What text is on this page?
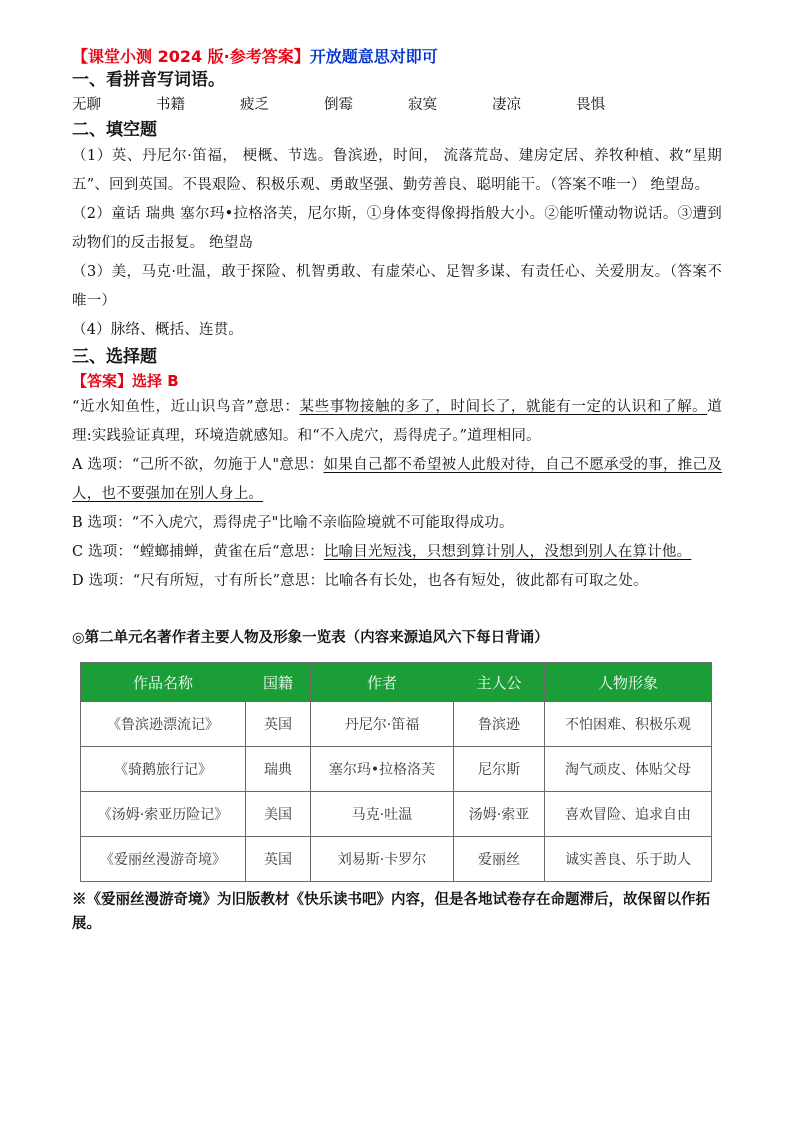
【课堂小测 2024 版·参考答案】开放题意思对即可

一、看拼音写词语。

无聊	书籍	疲乏	倒霉	寂寞	凄凉	畏惧

二、填空题

（1）英、丹尼尔·笛福， 梗概、节选。鲁滨逊，时间， 流落荒岛、建房定居、养牧种植、救“星期五”、回到英国。不畏艰险、积极乐观、勇敢坚强、勤劳善良、聪明能干。（答案不唯一） 绝望岛。

（2）童话 瑞典 塞尔玛•拉格洛芙，尼尔斯，①身体变得像拇指般大小。②能听懂动物说话。③遭到动物们的反击报复。 绝望岛

（3）美，马克·吐温，敢于探险、机智勇敢、有虚荣心、足智多谋、有责任心、关爱朋友。（答案不唯一）

（4）脉络、概括、连贯。

三、选择题

【答案】选择 B

“近水知鱼性，近山识鸟音”意思：某些事物接触的多了，时间长了，就能有一定的认识和了解。道理:实践验证真理，环境造就感知。和“不入虎穴，焉得虎子。”道理相同。

A 选项：“己所不欲，勿施于人"意思：如果自己都不希望被人此般对待，自己不愿承受的事，推己及人，也不要强加在别人身上。

B 选项：“不入虎穴，焉得虎子"比喻不亲临险境就不可能取得成功。

C 选项：“螳螂捕蝉，黄雀在后“意思：比喻目光短浅，只想到算计别人，没想到别人在算计他。

D 选项：“尺有所短，寸有所长”意思：比喻各有长处，也各有短处，彼此都有可取之处。

◎第二单元名著作者主要人物及形象一览表（内容来源追风六下每日背诵）

作品名称	国籍	作者	主人公	人物形象
《鲁滨逊漂流记》	英国	丹尼尔·笛福	鲁滨逊	不怕困难、积极乐观
《骑鹅旅行记》	瑞典	塞尔玛•拉格洛芙	尼尔斯	淘气顽皮、体贴父母
《汤姆·索亚历险记》	美国	马克·吐温	汤姆·索亚	喜欢冒险、追求自由
《爱丽丝漫游奇境》	英国	刘易斯·卡罗尔	爱丽丝	诚实善良、乐于助人

※《爱丽丝漫游奇境》为旧版教材《快乐读书吧》内容，但是各地试卷存在命题滞后，故保留以作拓展。
